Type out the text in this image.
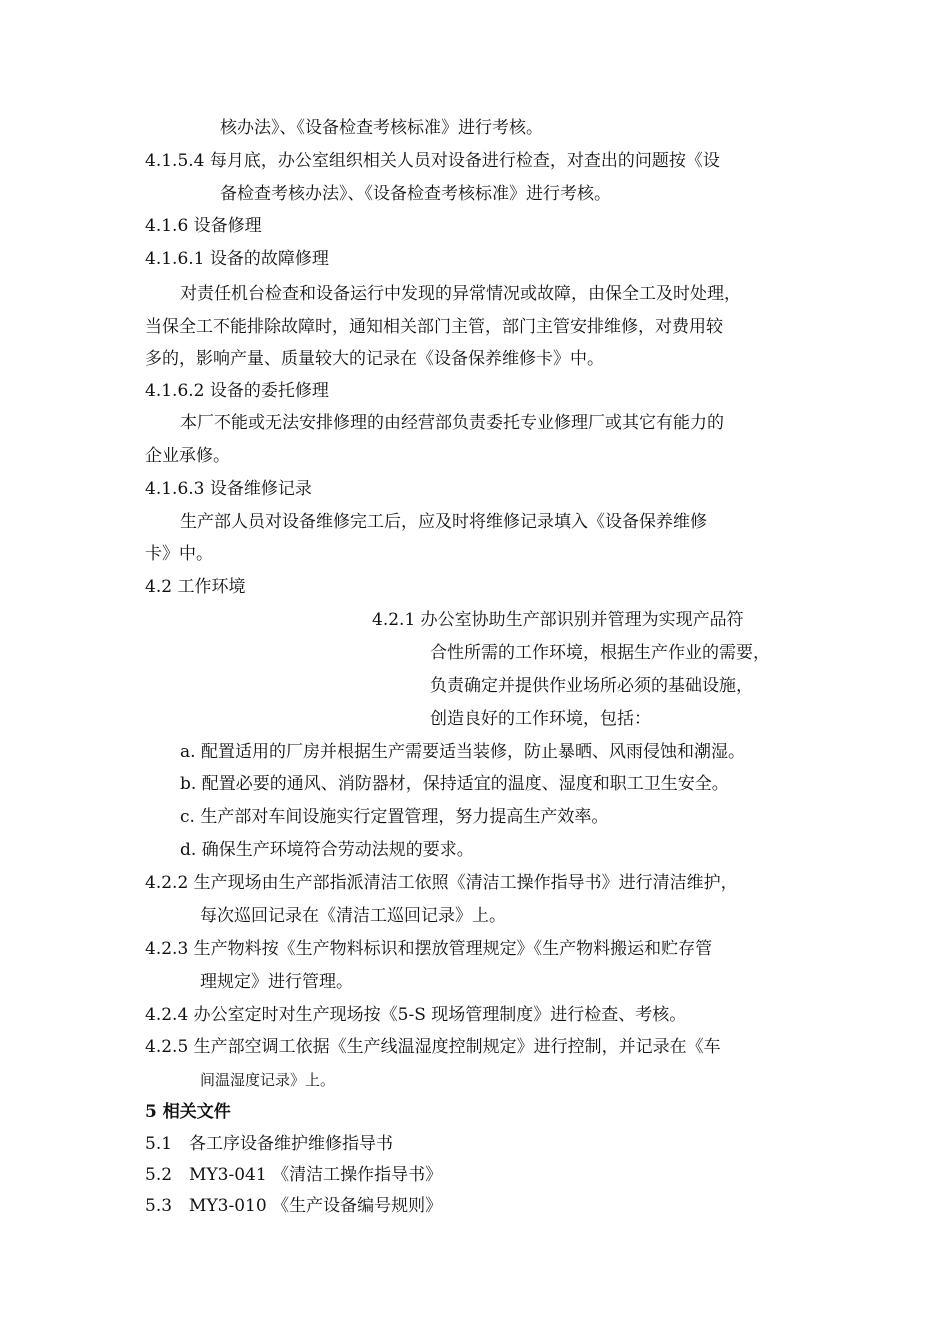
核办法》、《设备检查考核标准》进行考核。
4.1.5.4 每月底，办公室组织相关人员对设备进行检查，对查出的问题按《设
备检查考核办法》、《设备检查考核标准》进行考核。
4.1.6 设备修理
4.1.6.1 设备的故障修理
对责任机台检查和设备运行中发现的异常情况或故障，由保全工及时处理，
当保全工不能排除故障时，通知相关部门主管，部门主管安排维修，对费用较
多的，影响产量、质量较大的记录在《设备保养维修卡》中。
4.1.6.2 设备的委托修理
本厂不能或无法安排修理的由经营部负责委托专业修理厂或其它有能力的
企业承修。
4.1.6.3 设备维修记录
生产部人员对设备维修完工后，应及时将维修记录填入《设备保养维修
卡》中。
4.2 工作环境
4.2.1 办公室协助生产部识别并管理为实现产品符
合性所需的工作环境，根据生产作业的需要，
负责确定并提供作业场所必须的基础设施，
创造良好的工作环境，包括：
a. 配置适用的厂房并根据生产需要适当装修，防止暴晒、风雨侵蚀和潮湿。
b. 配置必要的通风、消防器材，保持适宜的温度、湿度和职工卫生安全。
c. 生产部对车间设施实行定置管理，努力提高生产效率。
d. 确保生产环境符合劳动法规的要求。
4.2.2 生产现场由生产部指派清洁工依照《清洁工操作指导书》进行清洁维护，
每次巡回记录在《清洁工巡回记录》上。
4.2.3 生产物料按《生产物料标识和摆放管理规定》《生产物料搬运和贮存管
理规定》进行管理。
4.2.4 办公室定时对生产现场按《5-S 现场管理制度》进行检查、考核。
4.2.5 生产部空调工依据《生产线温湿度控制规定》进行控制，并记录在《车
间温湿度记录》上。
5 相关文件
5.1　各工序设备维护维修指导书
5.2　MY3-041 《清洁工操作指导书》
5.3　MY3-010 《生产设备编号规则》
